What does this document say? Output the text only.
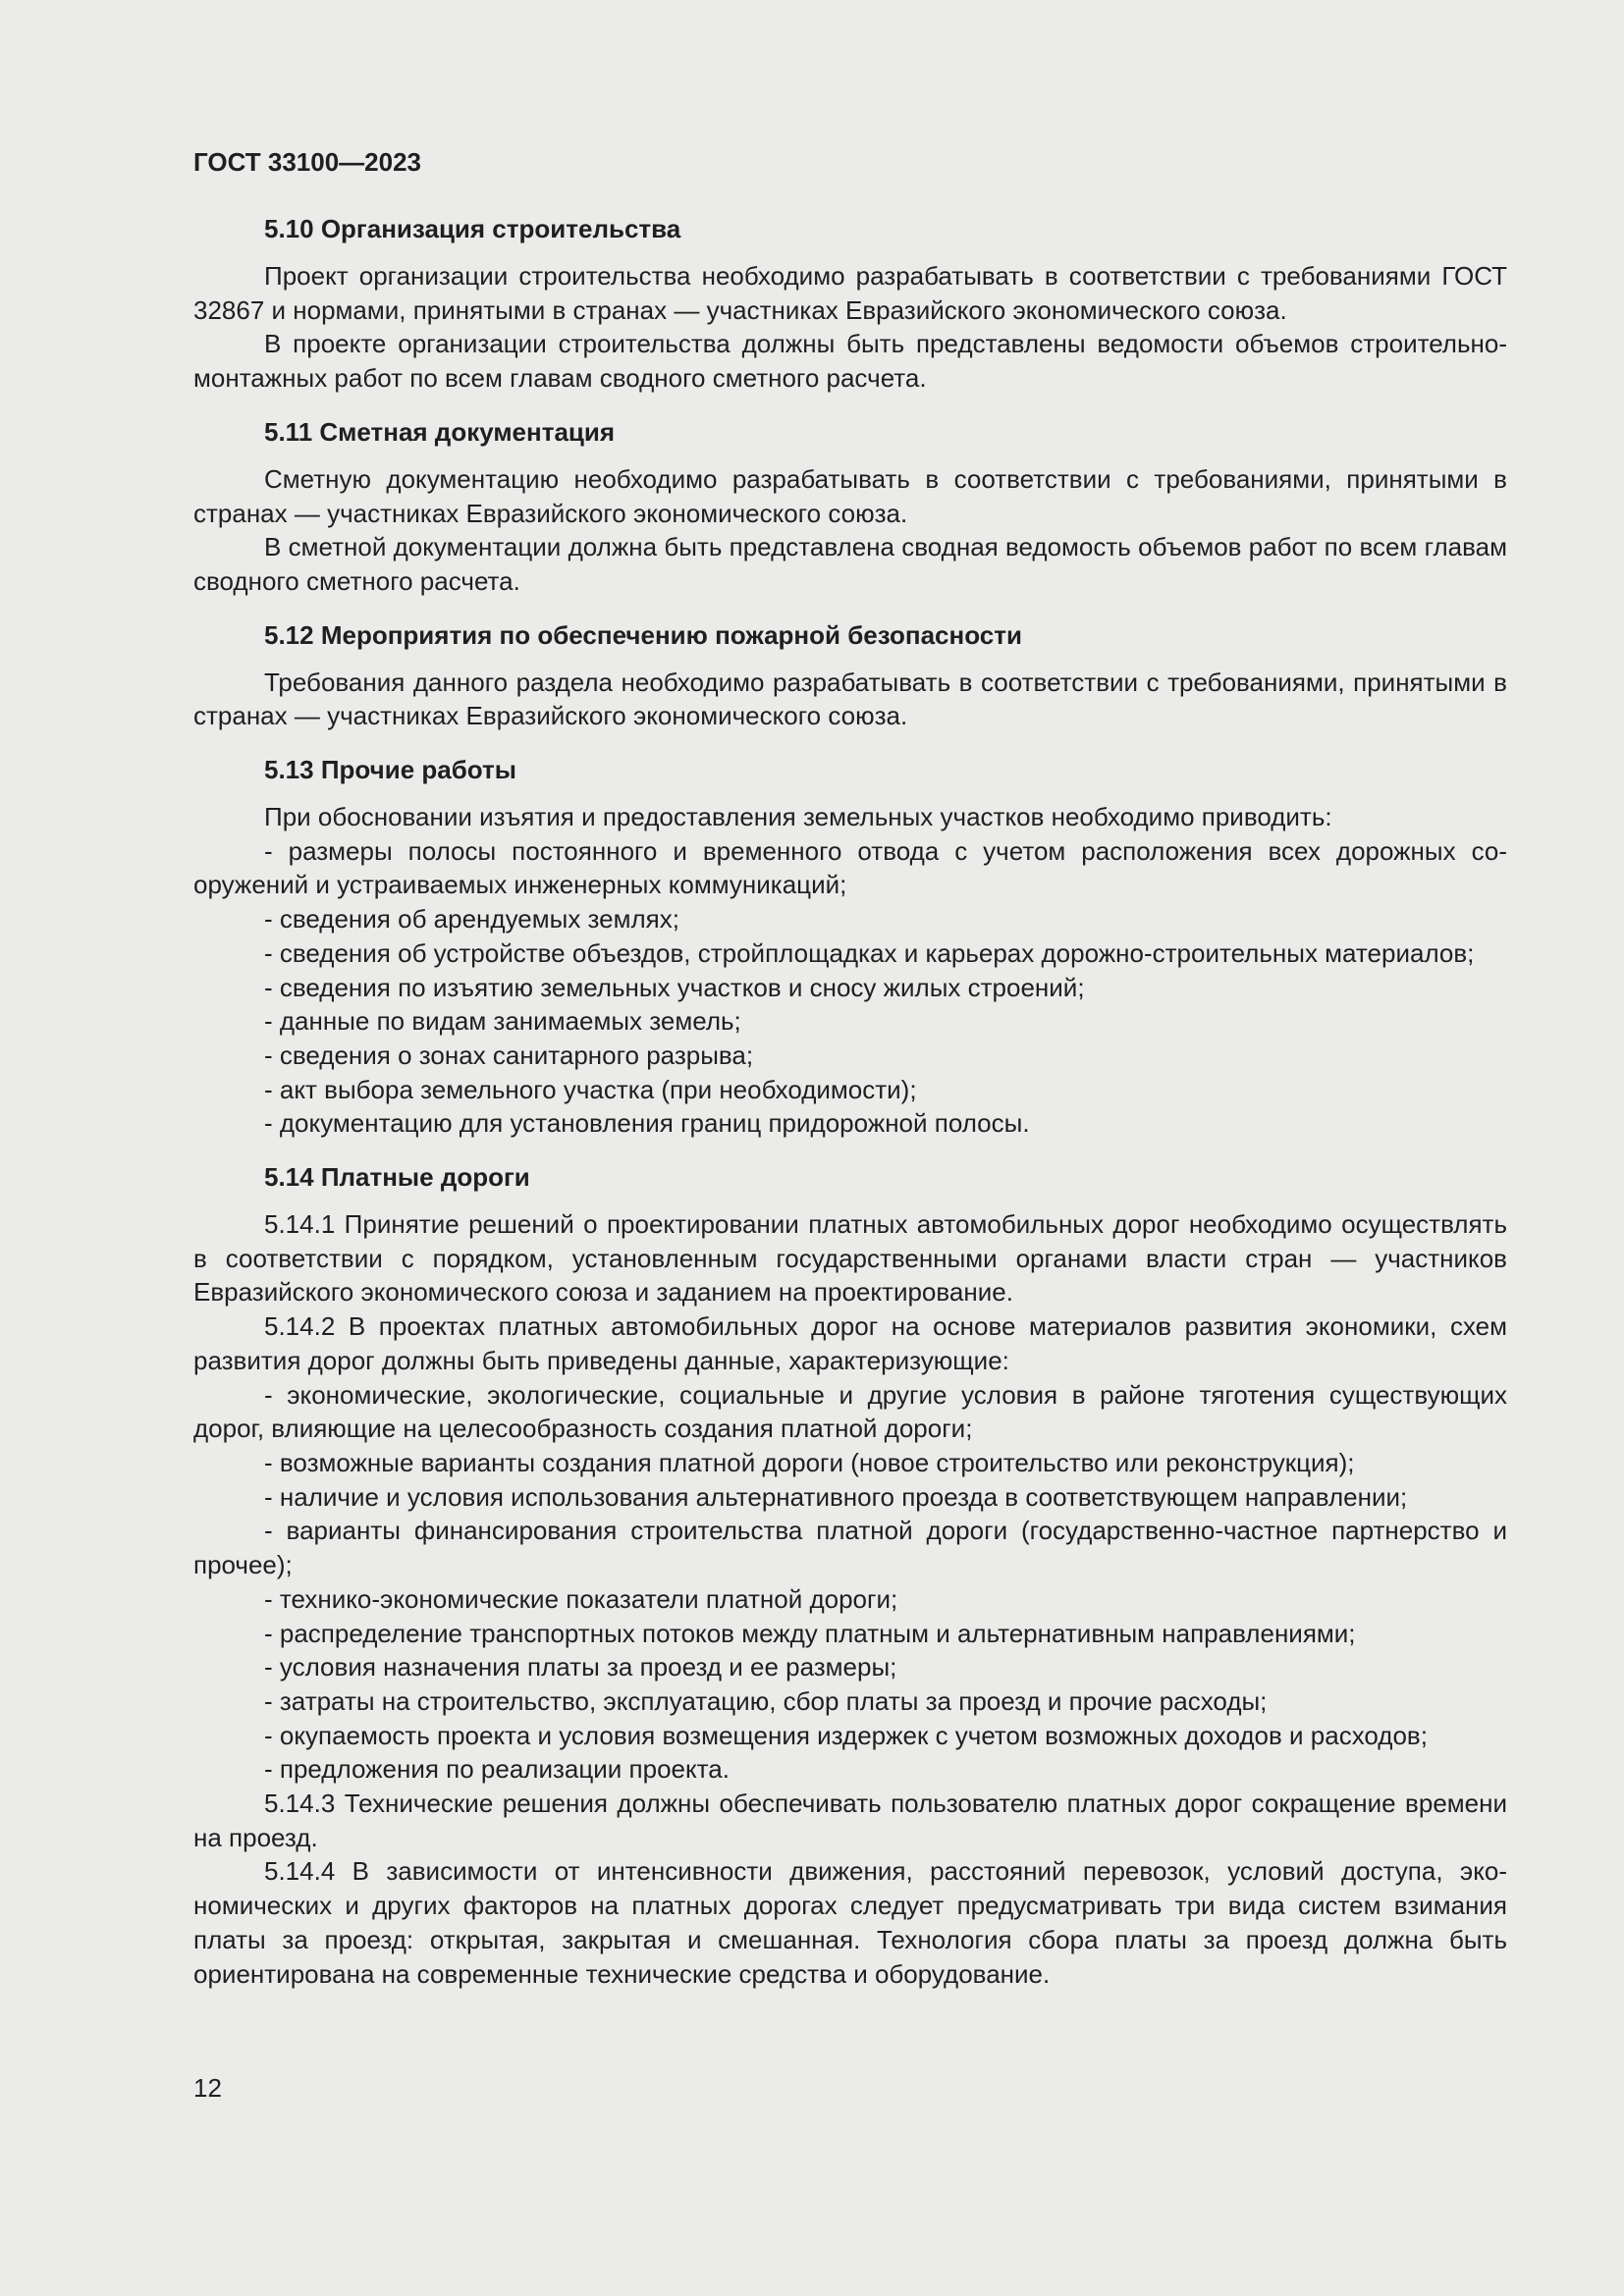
ГОСТ 33100—2023
5.10 Организация строительства

Проект организации строительства необходимо разрабатывать в соответствии с требованиями ГОСТ 32867 и нормами, принятыми в странах — участниках Евразийского экономического союза.

В проекте организации строительства должны быть представлены ведомости объемов строительно-монтажных работ по всем главам сводного сметного расчета.

5.11 Сметная документация

Сметную документацию необходимо разрабатывать в соответствии с требованиями, принятыми в странах — участниках Евразийского экономического союза.

В сметной документации должна быть представлена сводная ведомость объемов работ по всем главам сводного сметного расчета.

5.12 Мероприятия по обеспечению пожарной безопасности

Требования данного раздела необходимо разрабатывать в соответствии с требованиями, принятыми в странах — участниках Евразийского экономического союза.

5.13 Прочие работы

При обосновании изъятия и предоставления земельных участков необходимо приводить:

- размеры полосы постоянного и временного отвода с учетом расположения всех дорожных сооружений и устраиваемых инженерных коммуникаций;

- сведения об арендуемых землях;

- сведения об устройстве объездов, стройплощадках и карьерах дорожно-строительных материалов;

- сведения по изъятию земельных участков и сносу жилых строений;

- данные по видам занимаемых земель;

- сведения о зонах санитарного разрыва;

- акт выбора земельного участка (при необходимости);

- документацию для установления границ придорожной полосы.

5.14 Платные дороги

5.14.1 Принятие решений о проектировании платных автомобильных дорог необходимо осуществлять в соответствии с порядком, установленным государственными органами власти стран — участников Евразийского экономического союза и заданием на проектирование.

5.14.2 В проектах платных автомобильных дорог на основе материалов развития экономики, схем развития дорог должны быть приведены данные, характеризующие:

- экономические, экологические, социальные и другие условия в районе тяготения существующих дорог, влияющие на целесообразность создания платной дороги;

- возможные варианты создания платной дороги (новое строительство или реконструкция);

- наличие и условия использования альтернативного проезда в соответствующем направлении;

- варианты финансирования строительства платной дороги (государственно-частное партнерство и прочее);

- технико-экономические показатели платной дороги;

- распределение транспортных потоков между платным и альтернативным направлениями;

- условия назначения платы за проезд и ее размеры;

- затраты на строительство, эксплуатацию, сбор платы за проезд и прочие расходы;

- окупаемость проекта и условия возмещения издержек с учетом возможных доходов и расходов;

- предложения по реализации проекта.

5.14.3 Технические решения должны обеспечивать пользователю платных дорог сокращение времени на проезд.

5.14.4 В зависимости от интенсивности движения, расстояний перевозок, условий доступа, экономических и других факторов на платных дорогах следует предусматривать три вида систем взимания платы за проезд: открытая, закрытая и смешанная. Технология сбора платы за проезд должна быть ориентирована на современные технические средства и оборудование.

12
